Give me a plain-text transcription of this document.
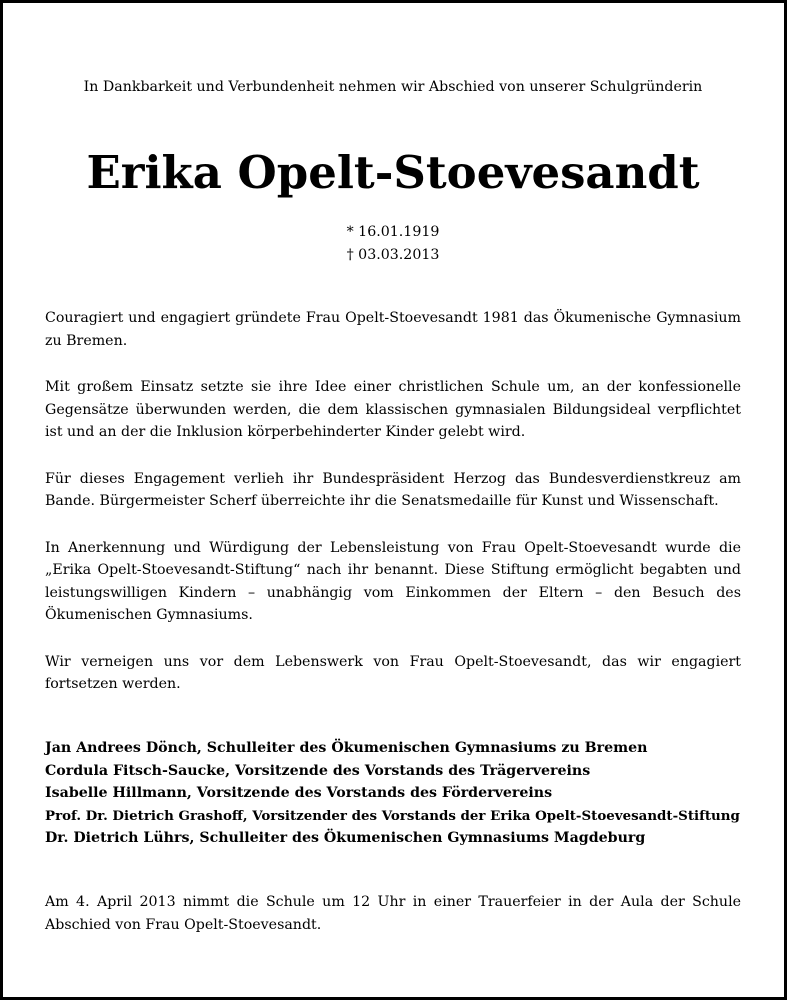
In Dankbarkeit und Verbundenheit nehmen wir Abschied von unserer Schulgründerin
Erika Opelt-Stoevesandt
* 16.01.1919
† 03.03.2013

Couragiert und engagiert gründete Frau Opelt-Stoevesandt 1981 das Ökumenische Gymnasium zu Bremen.

Mit großem Einsatz setzte sie ihre Idee einer christlichen Schule um, an der konfessionelle Gegensätze überwunden werden, die dem klassischen gymnasialen Bildungsideal verpflichtet ist und an der die Inklusion körperbehinderter Kinder gelebt wird.

Für dieses Engagement verlieh ihr Bundespräsident Herzog das Bundesverdienstkreuz am Bande. Bürgermeister Scherf überreichte ihr die Senatsmedaille für Kunst und Wissenschaft.

In Anerkennung und Würdigung der Lebensleistung von Frau Opelt-Stoevesandt wurde die „Erika Opelt-Stoevesandt-Stiftung“ nach ihr benannt. Diese Stiftung ermöglicht begabten und leistungswilligen Kindern – unabhängig vom Einkommen der Eltern – den Besuch des Ökumenischen Gymnasiums.

Wir verneigen uns vor dem Lebenswerk von Frau Opelt-Stoevesandt, das wir engagiert fortsetzen werden.

Jan Andrees Dönch, Schulleiter des Ökumenischen Gymnasiums zu Bremen
Cordula Fitsch-Saucke, Vorsitzende des Vorstands des Trägervereins
Isabelle Hillmann, Vorsitzende des Vorstands des Fördervereins
Prof. Dr. Dietrich Grashoff, Vorsitzender des Vorstands der Erika Opelt-Stoevesandt-Stiftung
Dr. Dietrich Lührs, Schulleiter des Ökumenischen Gymnasiums Magdeburg

Am 4. April 2013 nimmt die Schule um 12 Uhr in einer Trauerfeier in der Aula der Schule Abschied von Frau Opelt-Stoevesandt.
